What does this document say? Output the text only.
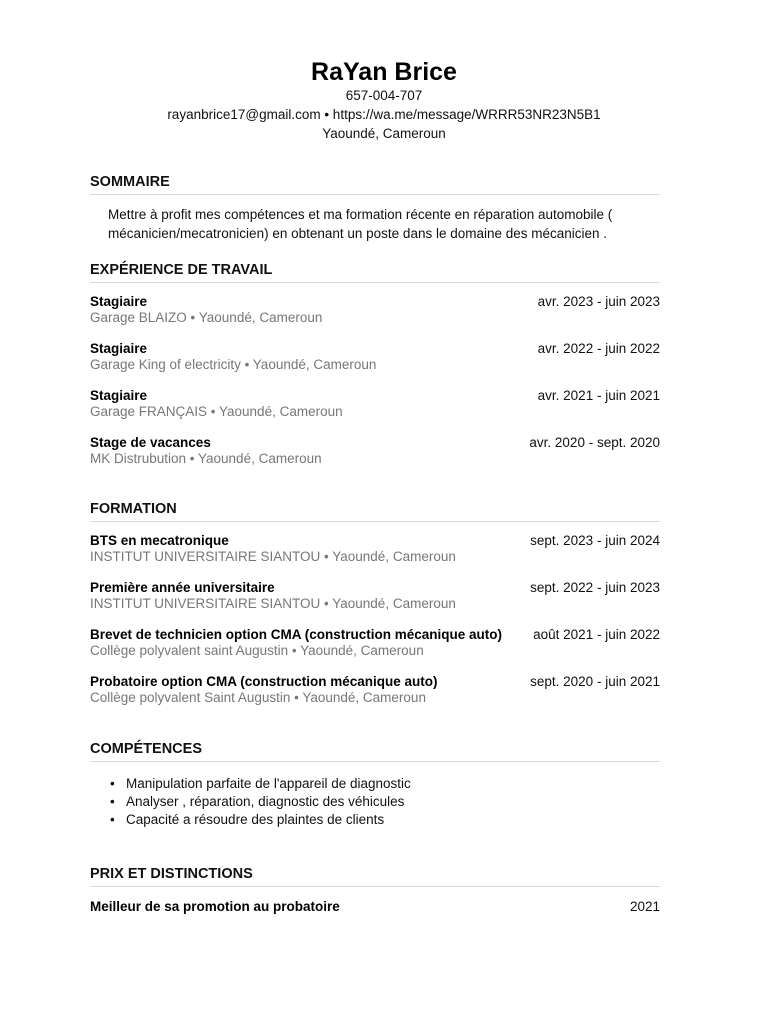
RaYan Brice
657-004-707
rayanbrice17@gmail.com • https://wa.me/message/WRRR53NR23N5B1
Yaoundé, Cameroun
SOMMAIRE
Mettre à profit mes compétences et ma formation récente en réparation automobile ( mécanicien/mecatronicien) en obtenant un poste dans le domaine des mécanicien .
EXPÉRIENCE DE TRAVAIL
Stagiaire	avr. 2023 - juin 2023
Garage BLAIZO • Yaoundé, Cameroun
Stagiaire	avr. 2022 - juin 2022
Garage King of electricity • Yaoundé, Cameroun
Stagiaire	avr. 2021 - juin 2021
Garage FRANÇAIS • Yaoundé, Cameroun
Stage de vacances	avr. 2020 - sept. 2020
MK Distrubution • Yaoundé, Cameroun
FORMATION
BTS en mecatronique	sept. 2023 - juin 2024
INSTITUT UNIVERSITAIRE SIANTOU • Yaoundé, Cameroun
Première année universitaire	sept. 2022 - juin 2023
INSTITUT UNIVERSITAIRE SIANTOU • Yaoundé, Cameroun
Brevet de technicien option CMA (construction mécanique auto) août 2021 - juin 2022
Collège polyvalent saint Augustin • Yaoundé, Cameroun
Probatoire option CMA (construction mécanique auto)	sept. 2020 - juin 2021
Collège polyvalent Saint Augustin • Yaoundé, Cameroun
COMPÉTENCES
• Manipulation parfaite de l'appareil de diagnostic
• Analyser , réparation, diagnostic des véhicules
• Capacité a résoudre des plaintes de clients
PRIX ET DISTINCTIONS
Meilleur de sa promotion au probatoire	2021
